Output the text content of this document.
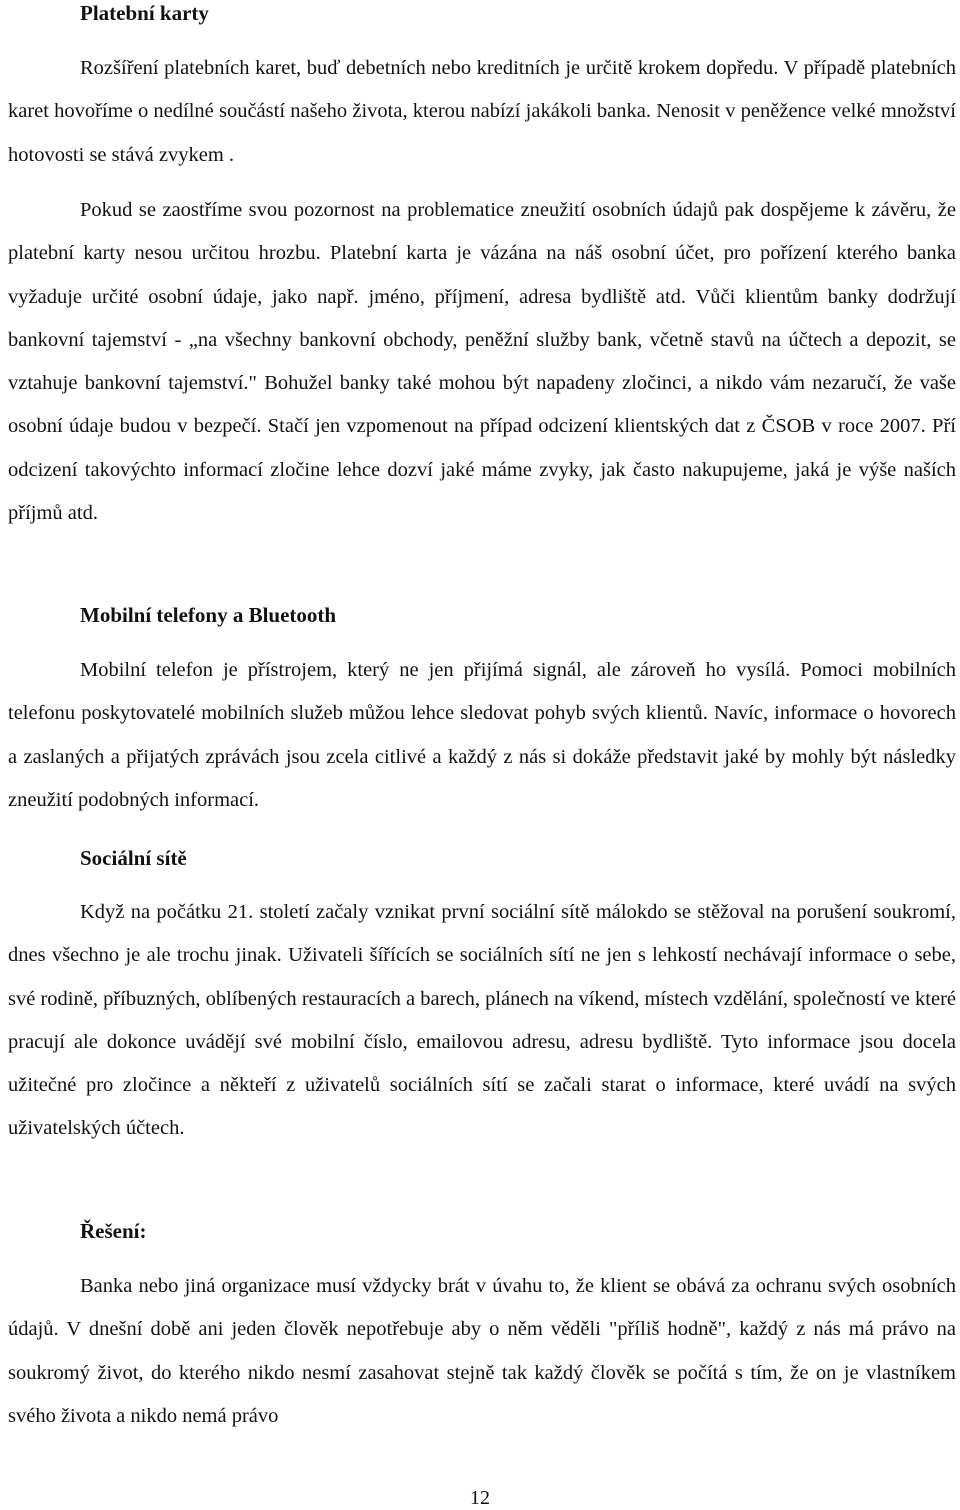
Platební karty

Rozšíření platebních karet, buď debetních nebo kreditních je určitě krokem dopředu. V případě platebních karet hovoříme o nedílné součástí našeho života, kterou nabízí jakákoli banka. Nenosit v peněžence velké množství hotovosti se stává zvykem .

Pokud se zaostříme svou pozornost na problematice zneužití osobních údajů pak dospějeme k závěru, že platební karty nesou určitou hrozbu. Platební karta je vázána na náš osobní účet, pro pořízení kterého banka vyžaduje určité osobní údaje, jako např. jméno, příjmení, adresa bydliště atd. Vůči klientům banky dodržují bankovní tajemství - „na všechny bankovní obchody, peněžní služby bank, včetně stavů na účtech a depozit, se vztahuje bankovní tajemství." Bohužel banky také mohou být napadeny zločinci, a nikdo vám nezaručí, že vaše osobní údaje budou v bezpečí. Stačí jen vzpomenout na případ odcizení klientských dat z ČSOB v roce 2007. Pří odcizení takovýchto informací zločine lehce dozví jaké máme zvyky, jak často nakupujeme, jaká je výše naších příjmů atd.

Mobilní telefony a Bluetooth

Mobilní telefon je přístrojem, který ne jen přijímá signál, ale zároveň ho vysílá. Pomoci mobilních telefonu poskytovatelé mobilních služeb můžou lehce sledovat pohyb svých klientů. Navíc, informace o hovorech a zaslaných a přijatých zprávách jsou zcela citlivé a každý z nás si dokáže představit jaké by mohly být následky zneužití podobných informací.

Sociální sítě

Když na počátku 21. století začaly vznikat první sociální sítě málokdo se stěžoval na porušení soukromí, dnes všechno je ale trochu jinak. Uživateli šířících se sociálních sítí ne jen s lehkostí nechávají informace o sebe, své rodině, příbuzných, oblíbených restauracích a barech, plánech na víkend, místech vzdělání, společností ve které pracují ale dokonce uvádějí své mobilní číslo, emailovou adresu, adresu bydliště. Tyto informace jsou docela užitečné pro zločince a někteří z uživatelů sociálních sítí se začali starat o informace, které uvádí na svých uživatelských účtech.

Řešení:

Banka nebo jiná organizace musí vždycky brát v úvahu to, že klient se obává za ochranu svých osobních údajů. V dnešní době ani jeden člověk nepotřebuje aby o něm věděli "příliš hodně", každý z nás má právo na soukromý život, do kterého nikdo nesmí zasahovat stejně tak každý člověk se počítá s tím, že on je vlastníkem svého života a nikdo nemá právo

12
